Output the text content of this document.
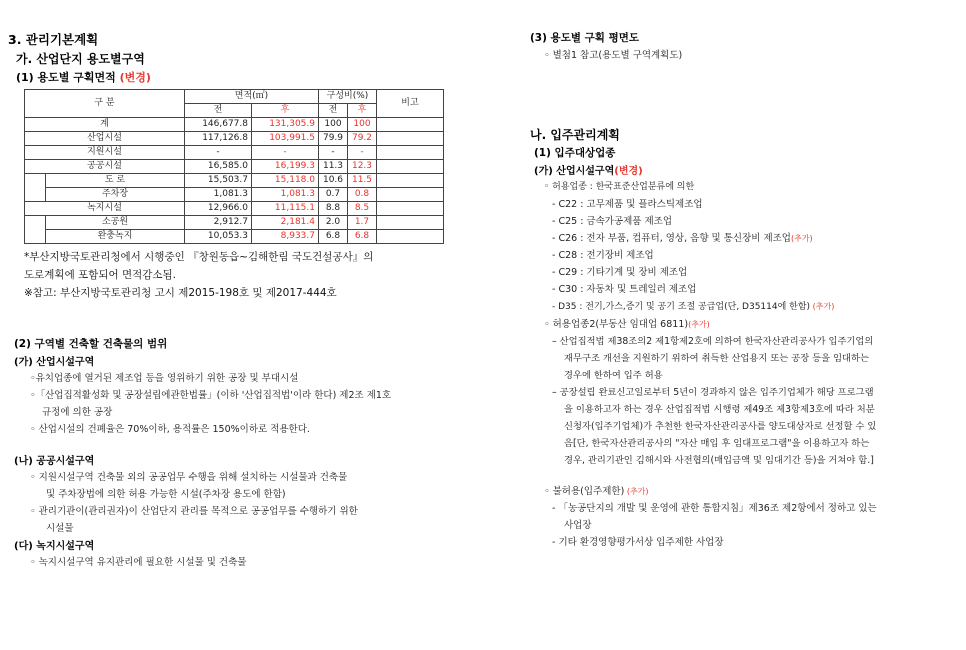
3. 관리기본계획
가. 산업단지 용도별구역
(1) 용도별 구획면적 (변경)
구 분		면적(㎡)		구성비(%)		비고
		전	후	전	후	
계		146,677.8	131,305.9	100	100	
산업시설		117,126.8	103,991.5	79.9	79.2	
지원시설		-	-	-	-	
공공시설		16,585.0	16,199.3	11.3	12.3	
	도 로	15,503.7	15,118.0	10.6	11.5	
	주차장	1,081.3	1,081.3	0.7	0.8	
녹지시설		12,966.0	11,115.1	8.8	8.5	
	소공원	2,912.7	2,181.4	2.0	1.7	
	완충녹지	10,053.3	8,933.7	6.8	6.8	
*부산지방국토관리청에서 시행중인 『창원동읍~김해한림 국도건설공사』의
도로계획에 포함되어 면적감소됨.
※참고: 부산지방국토관리청 고시 제2015-198호 및 제2017-444호
(2) 구역별 건축할 건축물의 범위
(가) 산업시설구역
◦유치업종에 열거된 제조업 등을 영위하기 위한 공장 및 부대시설
◦「산업집적활성화 및 공장설립에관한법률」(이하 '산업집적법'이라 한다) 제2조 제1호
규정에 의한 공장
◦ 산업시설의 건폐율은 70%이하, 용적률은 150%이하로 적용한다.
(나) 공공시설구역
◦ 지원시설구역 건축물 외의 공공업무 수행을 위해 설치하는 시설물과 건축물
및 주차장법에 의한 허용 가능한 시설(주차장 용도에 한함)
◦ 관리기관이(관리권자)이 산업단지 관리를 목적으로 공공업무를 수행하기 위한
시설물
(다) 녹지시설구역
◦ 녹지시설구역 유지관리에 필요한 시설물 및 건축물
(3) 용도별 구획 평면도
◦ 별첨1 참고(용도별 구역계획도)
나. 입주관리계획
(1) 입주대상업종
(가) 산업시설구역(변경)
◦ 허용업종 : 한국표준산업분류에 의한
- C22 : 고무제품 및 플라스틱제조업
- C25 : 금속가공제품 제조업
- C26 : 전자 부품, 컴퓨터, 영상, 음향 및 통신장비 제조업(추가)
- C28 : 전기장비 제조업
- C29 : 기타기계 및 장비 제조업
- C30 : 자동차 및 트레일러 제조업
- D35 : 전기,가스,증기 및 공기 조절 공급업(단, D35114에 한함) (추가)
◦ 허용업종2(부동산 임대업 6811)(추가)
– 산업집적법 제38조의2 제1항제2호에 의하여 한국자산관리공사가 입주기업의
재무구조 개선을 지원하기 위하여 취득한 산업용지 또는 공장 등을 임대하는
경우에 한하여 입주 허용
– 공장설립 완료신고일로부터 5년이 경과하지 않은 입주기업체가 해당 프로그램
을 이용하고자 하는 경우 산업집적법 시행령 제49조 제3항제3호에 따라 처분
신청자(입주기업체)가 추천한 한국자산관리공사를 양도대상자로 선정할 수 있
음[단, 한국자산관리공사의 "자산 매입 후 임대프로그램"을 이용하고자 하는
경우, 관리기관인 김해시와 사전협의(매입금액 및 임대기간 등)을 거쳐야 함.]
◦ 불허용(입주제한) (추가)
- 「농공단지의 개발 및 운영에 관한 통합지침」제36조 제2항에서 정하고 있는
사업장
- 기타 환경영향평가서상 입주제한 사업장
